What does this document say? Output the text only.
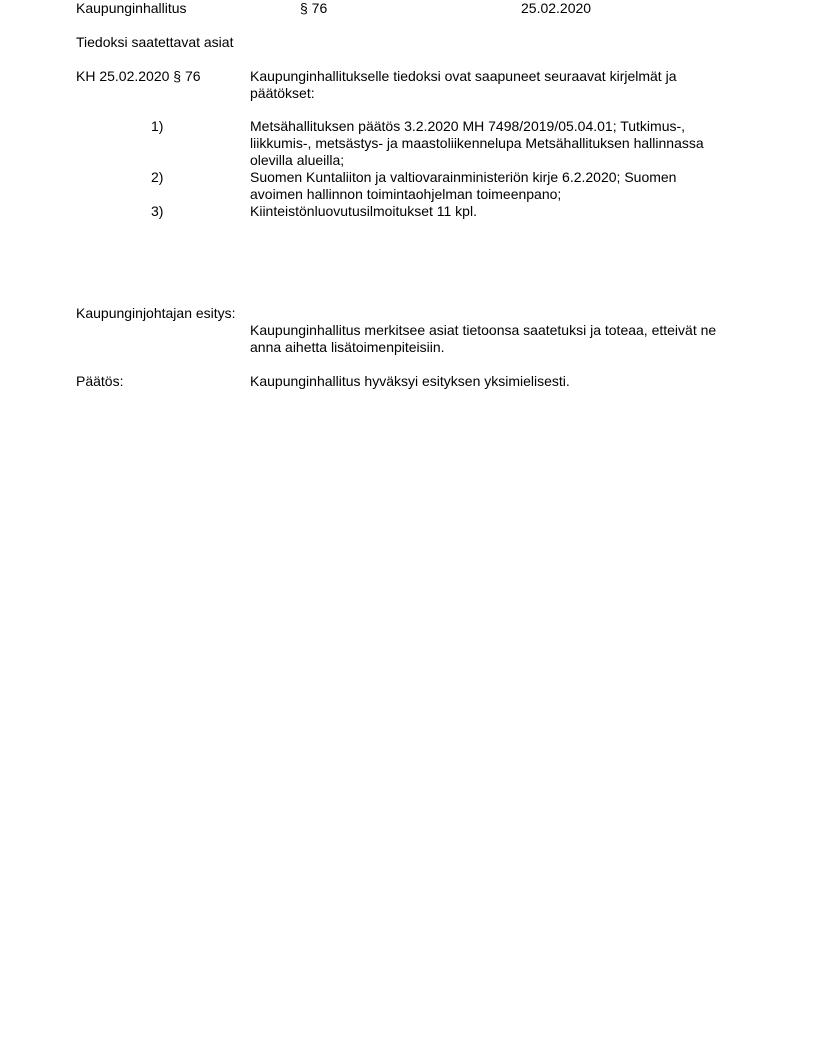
Kaupunginhallitus	§ 76	25.02.2020
Tiedoksi saatettavat asiat
KH 25.02.2020 § 76	Kaupunginhallitukselle tiedoksi ovat saapuneet seuraavat kirjelmät ja päätökset:
1)	Metsähallituksen päätös 3.2.2020 MH 7498/2019/05.04.01; Tutkimus-, liikkumis-, metsästys- ja maastoliikennelupa Metsähallituksen hallinnassa olevilla alueilla;
2)	Suomen Kuntaliiton ja valtiovarainministeriön kirje 6.2.2020; Suomen avoimen hallinnon toimintaohjelman toimeenpano;
3)	Kiinteistönluovutusilmoitukset 11 kpl.
Kaupunginjohtajan esitys:
Kaupunginhallitus merkitsee asiat tietoonsa saatetuksi ja toteaa, etteivät ne anna aihetta lisätoimenpiteisiin.
Päätös:	Kaupunginhallitus hyväksyi esityksen yksimielisesti.
